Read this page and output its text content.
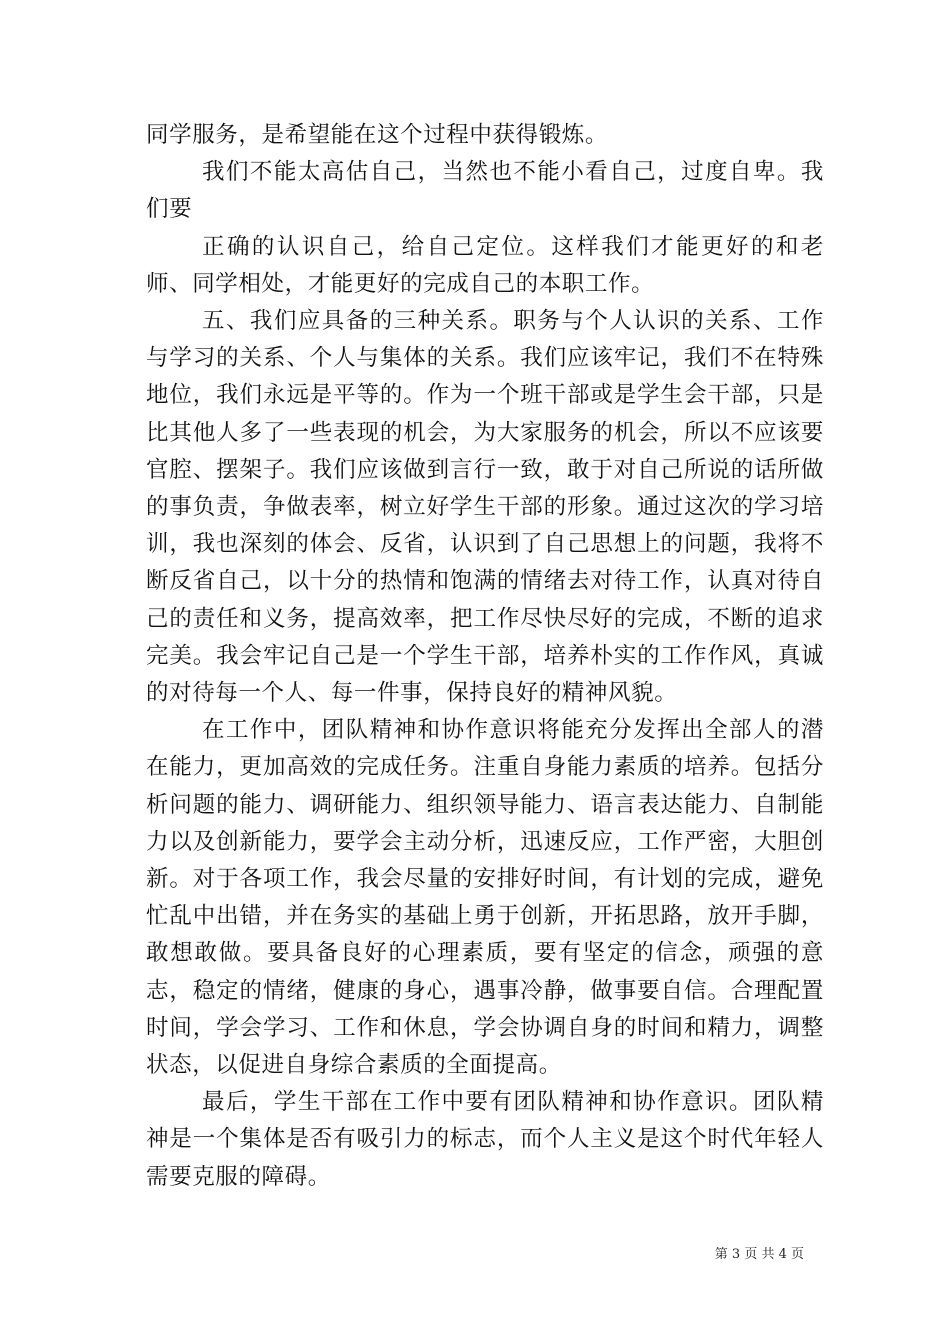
同学服务，是希望能在这个过程中获得锻炼。

我们不能太高估自己，当然也不能小看自己，过度自卑。我们要

正确的认识自己，给自己定位。这样我们才能更好的和老师、同学相处，才能更好的完成自己的本职工作。

五、我们应具备的三种关系。职务与个人认识的关系、工作与学习的关系、个人与集体的关系。我们应该牢记，我们不在特殊地位，我们永远是平等的。作为一个班干部或是学生会干部，只是比其他人多了一些表现的机会，为大家服务的机会，所以不应该要官腔、摆架子。我们应该做到言行一致，敢于对自己所说的话所做的事负责，争做表率，树立好学生干部的形象。通过这次的学习培训，我也深刻的体会、反省，认识到了自己思想上的问题，我将不断反省自己，以十分的热情和饱满的情绪去对待工作，认真对待自己的责任和义务，提高效率，把工作尽快尽好的完成，不断的追求完美。我会牢记自己是一个学生干部，培养朴实的工作作风，真诚的对待每一个人、每一件事，保持良好的精神风貌。

在工作中，团队精神和协作意识将能充分发挥出全部人的潜在能力，更加高效的完成任务。注重自身能力素质的培养。包括分析问题的能力、调研能力、组织领导能力、语言表达能力、自制能力以及创新能力，要学会主动分析，迅速反应，工作严密，大胆创新。对于各项工作，我会尽量的安排好时间，有计划的完成，避免忙乱中出错，并在务实的基础上勇于创新，开拓思路，放开手脚，敢想敢做。要具备良好的心理素质，要有坚定的信念，顽强的意志，稳定的情绪，健康的身心，遇事冷静，做事要自信。合理配置时间，学会学习、工作和休息，学会协调自身的时间和精力，调整状态，以促进自身综合素质的全面提高。

最后，学生干部在工作中要有团队精神和协作意识。团队精神是一个集体是否有吸引力的标志，而个人主义是这个时代年轻人需要克服的障碍。

第 3 页 共 4 页
